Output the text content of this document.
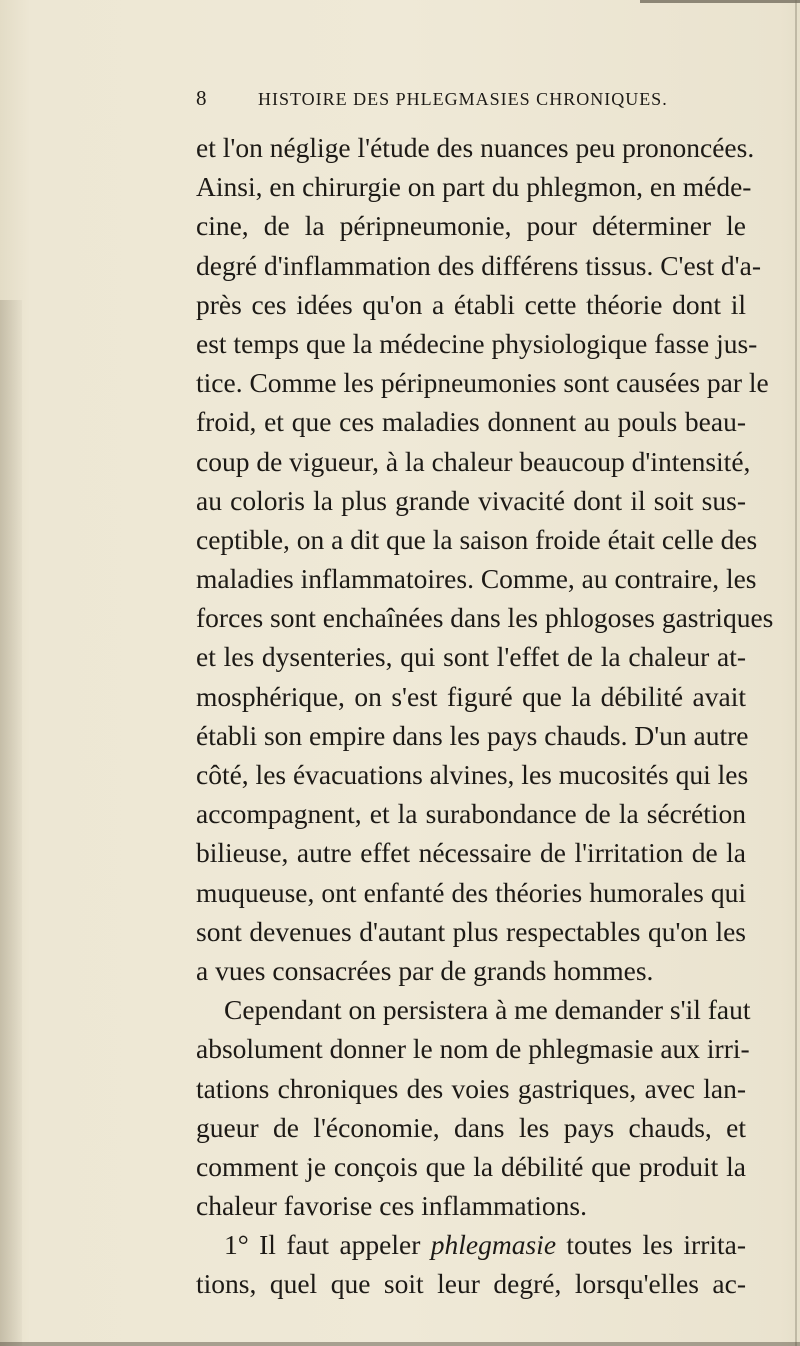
8	HISTOIRE DES PHLEGMASIES CHRONIQUES.
et l'on néglige l'étude des nuances peu prononcées.
Ainsi, en chirurgie on part du phlegmon, en méde-
cine, de la péripneumonie, pour déterminer le
degré d'inflammation des différens tissus. C'est d'a-
près ces idées qu'on a établi cette théorie dont il
est temps que la médecine physiologique fasse jus-
tice. Comme les péripneumonies sont causées par le
froid, et que ces maladies donnent au pouls beau-
coup de vigueur, à la chaleur beaucoup d'intensité,
au coloris la plus grande vivacité dont il soit sus-
ceptible, on a dit que la saison froide était celle des
maladies inflammatoires. Comme, au contraire, les
forces sont enchaînées dans les phlogoses gastriques
et les dysenteries, qui sont l'effet de la chaleur at-
mosphérique, on s'est figuré que la débilité avait
établi son empire dans les pays chauds. D'un autre
côté, les évacuations alvines, les mucosités qui les
accompagnent, et la surabondance de la sécrétion
bilieuse, autre effet nécessaire de l'irritation de la
muqueuse, ont enfanté des théories humorales qui
sont devenues d'autant plus respectables qu'on les
a vues consacrées par de grands hommes.
Cependant on persistera à me demander s'il faut
absolument donner le nom de phlegmasie aux irri-
tations chroniques des voies gastriques, avec lan-
gueur de l'économie, dans les pays chauds, et
comment je conçois que la débilité que produit la
chaleur favorise ces inflammations.
1° Il faut appeler phlegmasie toutes les irrita-
tions, quel que soit leur degré, lorsqu'elles ac-
